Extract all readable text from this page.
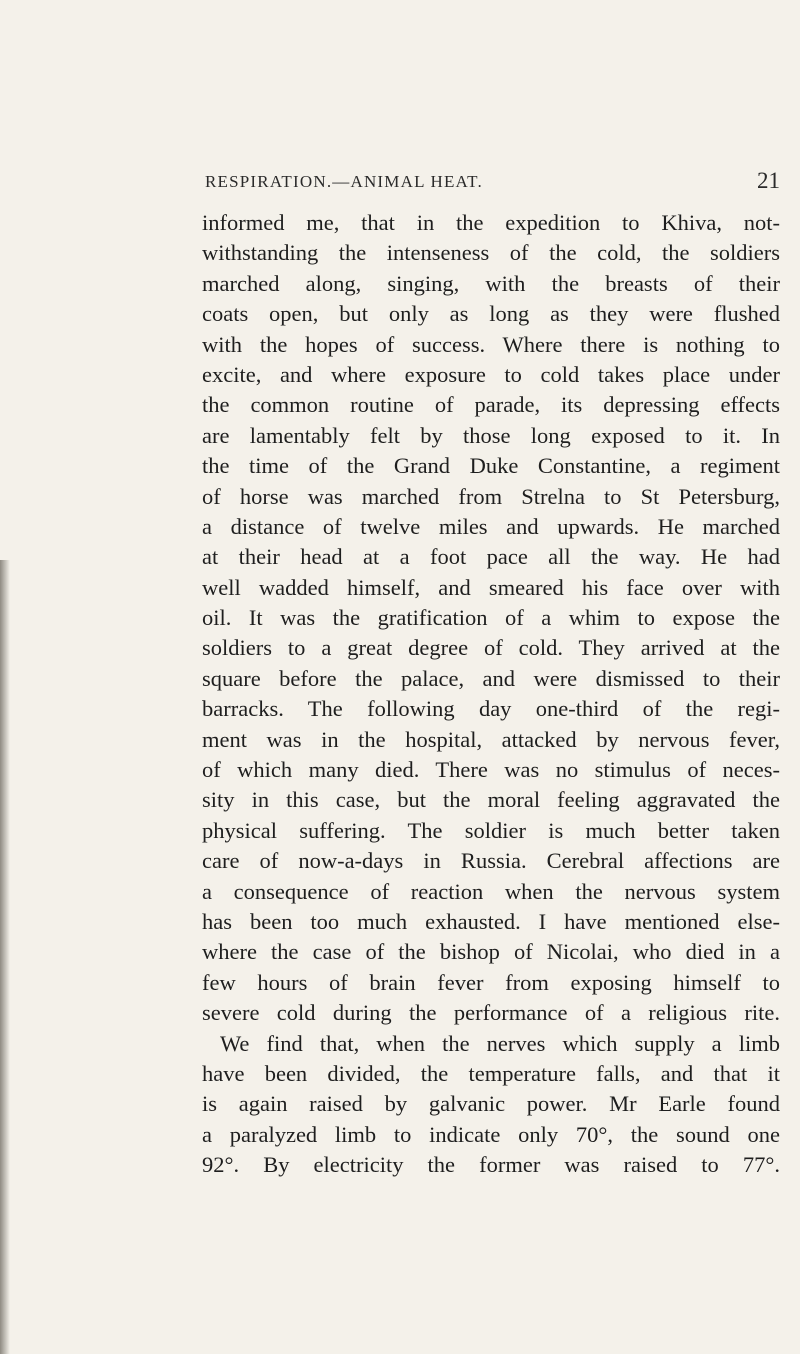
RESPIRATION.—ANIMAL HEAT.	21
informed me, that in the expedition to Khiva, not-
withstanding the intenseness of the cold, the soldiers
marched along, singing, with the breasts of their
coats open, but only as long as they were flushed
with the hopes of success. Where there is nothing to
excite, and where exposure to cold takes place under
the common routine of parade, its depressing effects
are lamentably felt by those long exposed to it. In
the time of the Grand Duke Constantine, a regiment
of horse was marched from Strelna to St Petersburg,
a distance of twelve miles and upwards. He marched
at their head at a foot pace all the way. He had
well wadded himself, and smeared his face over with
oil. It was the gratification of a whim to expose the
soldiers to a great degree of cold. They arrived at the
square before the palace, and were dismissed to their
barracks. The following day one-third of the regi-
ment was in the hospital, attacked by nervous fever,
of which many died. There was no stimulus of neces-
sity in this case, but the moral feeling aggravated the
physical suffering. The soldier is much better taken
care of now-a-days in Russia. Cerebral affections are
a consequence of reaction when the nervous system
has been too much exhausted. I have mentioned else-
where the case of the bishop of Nicolai, who died in a
few hours of brain fever from exposing himself to
severe cold during the performance of a religious rite.
We find that, when the nerves which supply a limb
have been divided, the temperature falls, and that it
is again raised by galvanic power. Mr Earle found
a paralyzed limb to indicate only 70°, the sound one
92°. By electricity the former was raised to 77°.
